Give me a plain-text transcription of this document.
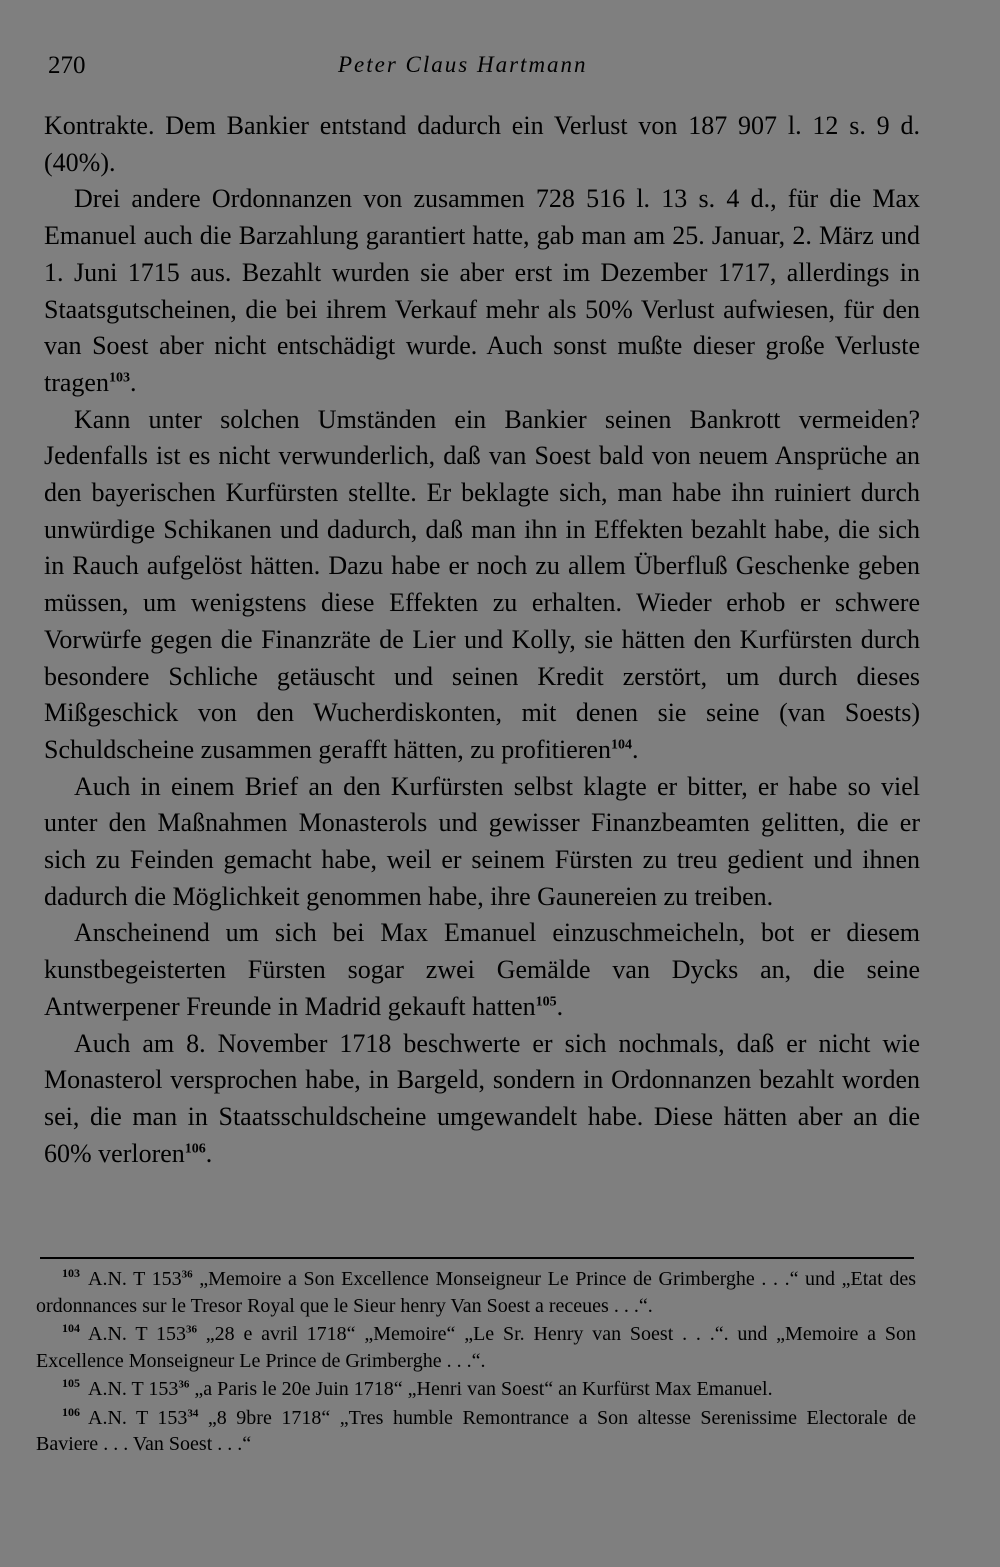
270	Peter Claus Hartmann

Kontrakte. Dem Bankier entstand dadurch ein Verlust von 187 907 l. 12 s. 9 d. (40%).

Drei andere Ordonnanzen von zusammen 728 516 l. 13 s. 4 d., für die Max Emanuel auch die Barzahlung garantiert hatte, gab man am 25. Januar, 2. März und 1. Juni 1715 aus. Bezahlt wurden sie aber erst im Dezember 1717, allerdings in Staatsgutscheinen, die bei ihrem Verkauf mehr als 50% Verlust aufwiesen, für den van Soest aber nicht entschädigt wurde. Auch sonst mußte dieser große Verluste tragen$^{103}$.

Kann unter solchen Umständen ein Bankier seinen Bankrott vermeiden? Jedenfalls ist es nicht verwunderlich, daß van Soest bald von neuem Ansprüche an den bayerischen Kurfürsten stellte. Er beklagte sich, man habe ihn ruiniert durch unwürdige Schikanen und dadurch, daß man ihn in Effekten bezahlt habe, die sich in Rauch aufgelöst hätten. Dazu habe er noch zu allem Überfluß Geschenke geben müssen, um wenigstens diese Effekten zu erhalten. Wieder erhob er schwere Vorwürfe gegen die Finanzräte de Lier und Kolly, sie hätten den Kurfürsten durch besondere Schliche getäuscht und seinen Kredit zerstört, um durch dieses Mißgeschick von den Wucherdiskonten, mit denen sie seine (van Soests) Schuldscheine zusammen gerafft hätten, zu profitieren$^{104}$.

Auch in einem Brief an den Kurfürsten selbst klagte er bitter, er habe so viel unter den Maßnahmen Monasterols und gewisser Finanzbeamten gelitten, die er sich zu Feinden gemacht habe, weil er seinem Fürsten zu treu gedient und ihnen dadurch die Möglichkeit genommen habe, ihre Gaunereien zu treiben.

Anscheinend um sich bei Max Emanuel einzuschmeicheln, bot er diesem kunstbegeisterten Fürsten sogar zwei Gemälde van Dycks an, die seine Antwerpener Freunde in Madrid gekauft hatten$^{105}$.

Auch am 8. November 1718 beschwerte er sich nochmals, daß er nicht wie Monasterol versprochen habe, in Bargeld, sondern in Ordonnanzen bezahlt worden sei, die man in Staatsschuldscheine umgewandelt habe. Diese hätten aber an die 60% verloren$^{106}$.

$^{103}$ A.N. T 153$^{36}$ „Memoire a Son Excellence Monseigneur Le Prince de Grimberghe . . .“ und „Etat des ordonnances sur le Tresor Royal que le Sieur henry Van Soest a receues . . .“.

$^{104}$ A.N. T 153$^{36}$ „28 e avril 1718“ „Memoire“ „Le Sr. Henry van Soest . . .“. und „Memoire a Son Excellence Monseigneur Le Prince de Grimberghe . . .“.

$^{105}$ A.N. T 153$^{36}$ „a Paris le 20e Juin 1718“ „Henri van Soest“ an Kurfürst Max Emanuel.

$^{106}$ A.N. T 153$^{34}$ „8 9bre 1718“ „Tres humble Remontrance a Son altesse Serenissime Electorale de Baviere . . . Van Soest . . .“
